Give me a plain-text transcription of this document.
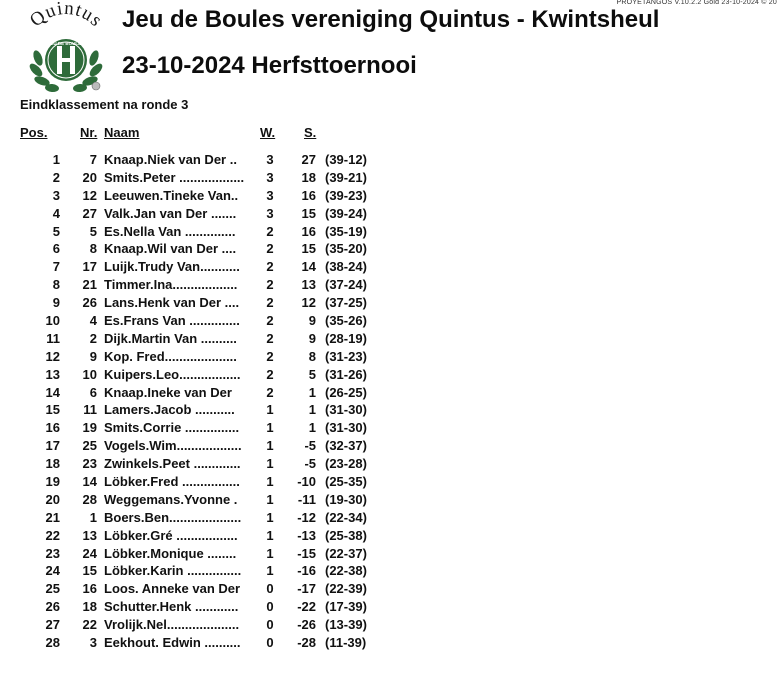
PROYETANGOS V.10.2.2 Gold 23-10-2024 © 20
Quintus
JEU DE BOULES
Jeu de Boules vereniging Quintus - Kwintsheul
23-10-2024 Herfsttoernooi
Eindklassement na ronde 3
Pos.	Nr. Naam	W. S.
1	7 Knaap.Niek van Der ..	3	27 (39-12)
2	20 Smits.Peter ..................	3	18 (39-21)
3	12 Leeuwen.Tineke Van..	3	16 (39-23)
4	27 Valk.Jan van Der .......	3	15 (39-24)
5	5 Es.Nella Van ..............	2	16 (35-19)
6	8 Knaap.Wil van Der ....	2	15 (35-20)
7	17 Luijk.Trudy Van...........	2	14 (38-24)
8	21 Timmer.Ina..................	2	13 (37-24)
9	26 Lans.Henk van Der ....	2	12 (37-25)
10	4 Es.Frans Van ..............	2	9 (35-26)
11	2 Dijk.Martin Van ..........	2	9 (28-19)
12	9 Kop. Fred....................	2	8 (31-23)
13	10 Kuipers.Leo.................	2	5 (31-26)
14	6 Knaap.Ineke van Der	2	1 (26-25)
15	11 Lamers.Jacob ...........	1	1 (31-30)
16	19 Smits.Corrie ...............	1	1 (31-30)
17	25 Vogels.Wim..................	1	-5 (32-37)
18	23 Zwinkels.Peet .............	1	-5 (23-28)
19	14 Löbker.Fred ................	1	-10 (25-35)
20	28 Weggemans.Yvonne .	1	-11 (19-30)
21	1 Boers.Ben....................	1	-12 (22-34)
22	13 Löbker.Gré .................	1	-13 (25-38)
23	24 Löbker.Monique ........	1	-15 (22-37)
24	15 Löbker.Karin ...............	1	-16 (22-38)
25	16 Loos. Anneke van Der	0	-17 (22-39)
26	18 Schutter.Henk ............	0	-22 (17-39)
27	22 Vrolijk.Nel....................	0	-26 (13-39)
28	3 Eekhout. Edwin ..........	0	-28 (11-39)
